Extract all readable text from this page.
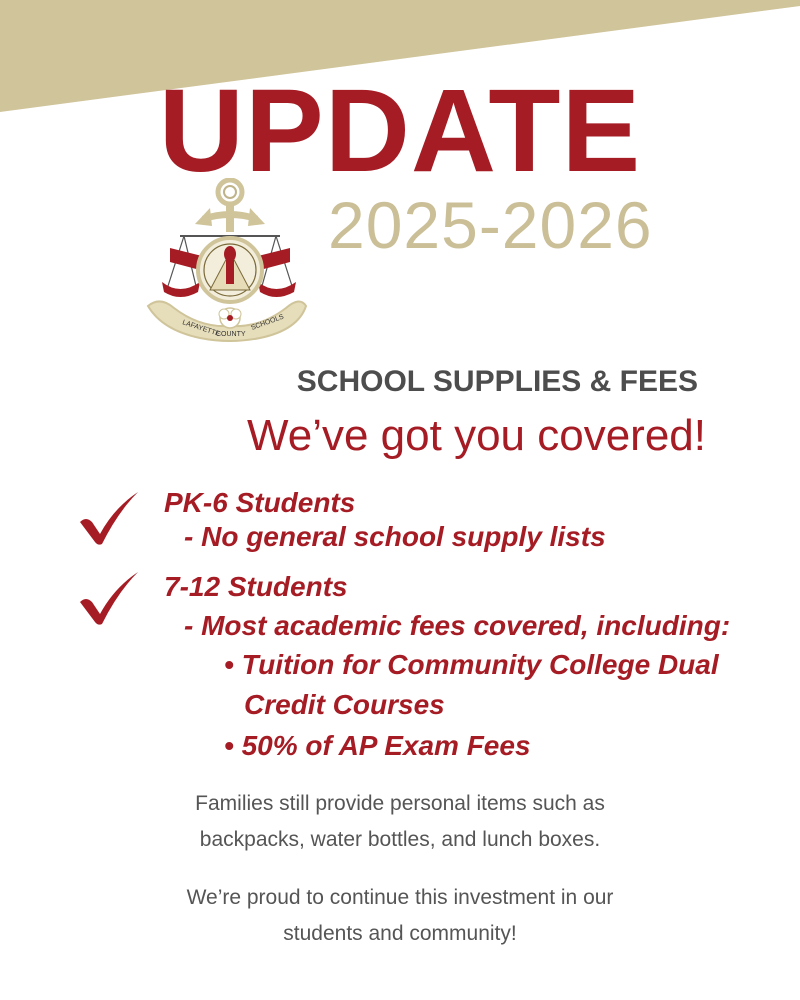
UPDATE
LAFAYETTE
COUNTY
SCHOOLS
2025-2026
SCHOOL SUPPLIES & FEES
We’ve got you covered!
PK-6 Students
- No general school supply lists
7-12 Students
- Most academic fees covered, including:
• Tuition for Community College Dual
Credit Courses
• 50% of AP Exam Fees
Families still provide personal items such as
backpacks, water bottles, and lunch boxes.
We’re proud to continue this investment in our
students and community!
